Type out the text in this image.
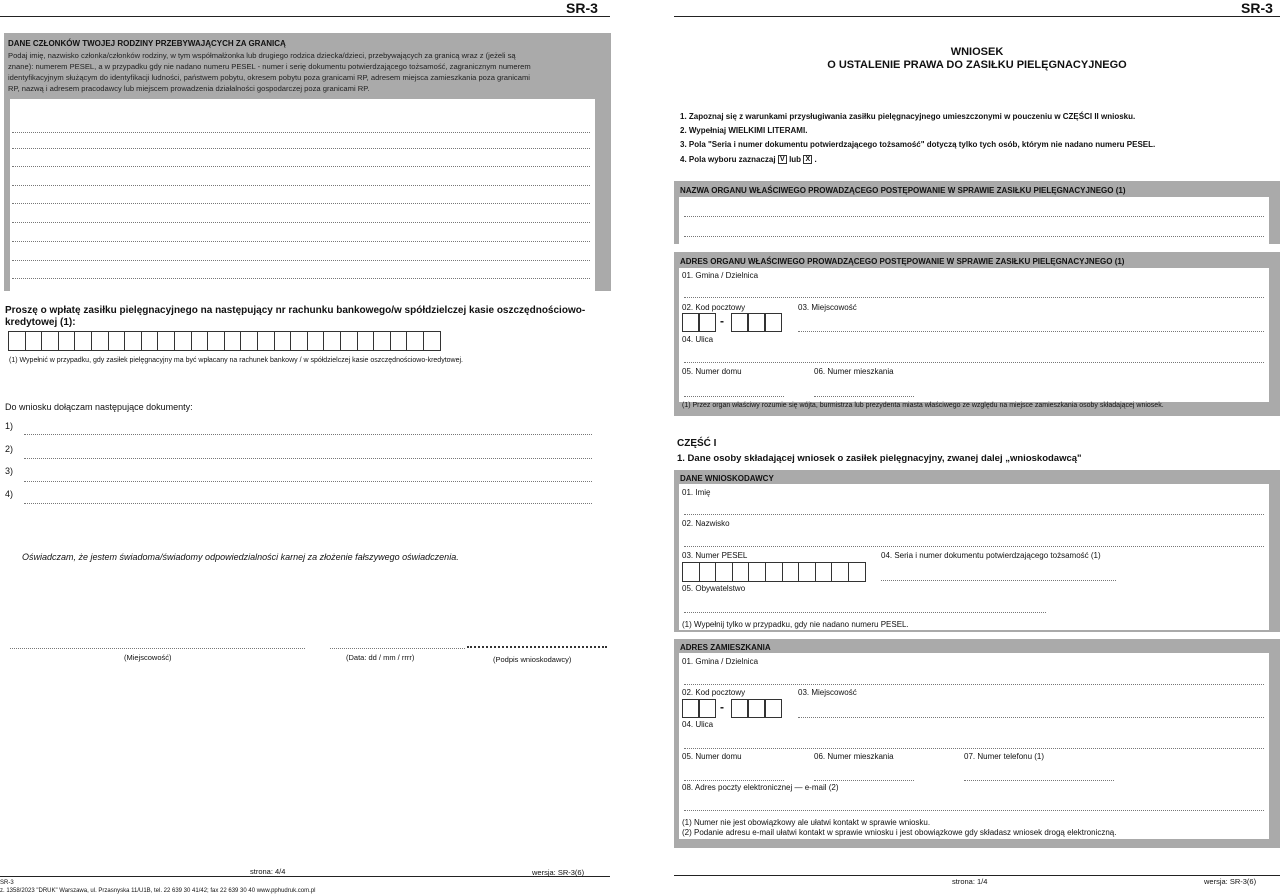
SR-3
DANE CZŁONKÓW TWOJEJ RODZINY PRZEBYWAJĄCYCH ZA GRANICĄ
Podaj imię, nazwisko członka/członków rodziny, w tym współmałżonka lub drugiego rodzica dziecka/dzieci, przebywających za granicą wraz z (jeżeli są
znane): numerem PESEL, a w przypadku gdy nie nadano numeru PESEL - numer i serię dokumentu potwierdzającego tożsamość, zagranicznym numerem
identyfikacyjnym służącym do identyfikacji ludności, państwem pobytu, okresem pobytu poza granicami RP, adresem miejsca zamieszkania poza granicami
RP, nazwą i adresem pracodawcy lub miejscem prowadzenia działalności gospodarczej poza granicami RP.
Proszę o wpłatę zasiłku pielęgnacyjnego na następujący nr rachunku bankowego/w spółdzielczej kasie oszczędnościowo-
kredytowej (1):
(1) Wypełnić w przypadku, gdy zasiłek pielęgnacyjny ma być wpłacany na rachunek bankowy / w spółdzielczej kasie oszczędnościowo-kredytowej.
Do wniosku dołączam następujące dokumenty:
1)
2)
3)
4)
Oświadczam, że jestem świadoma/świadomy odpowiedzialności karnej za złożenie fałszywego oświadczenia.
(Miejscowość)	(Data: dd / mm / rrrr)	(Podpis wnioskodawcy)
strona: 4/4	wersja: SR-3(6)
SR-3
z. 1358/2023 "DRUK" Warszawa, ul. Przasnyska 11/U1B, tel. 22 639 30 41/42; fax 22 639 30 40 www.pphudruk.com.pl
SR-3
WNIOSEK
O USTALENIE PRAWA DO ZASIŁKU PIELĘGNACYJNEGO
1. Zapoznaj się z warunkami przysługiwania zasiłku pielęgnacyjnego umieszczonymi w pouczeniu w CZĘŚCI II wniosku.
2. Wypełniaj WIELKIMI LITERAMI.
3. Pola "Seria i numer dokumentu potwierdzającego tożsamość" dotyczą tylko tych osób, którym nie nadano numeru PESEL.
4. Pola wyboru zaznaczaj V lub X .
NAZWA ORGANU WŁAŚCIWEGO PROWADZĄCEGO POSTĘPOWANIE W SPRAWIE ZASIŁKU PIELĘGNACYJNEGO (1)
ADRES ORGANU WŁAŚCIWEGO PROWADZĄCEGO POSTĘPOWANIE W SPRAWIE ZASIŁKU PIELĘGNACYJNEGO (1)
(1) Przez organ właściwy rozumie się wójta, burmistrza lub prezydenta miasta właściwego ze względu na miejsce zamieszkania osoby składającej wniosek.
01. Gmina / Dzielnica
02. Kod pocztowy	03. Miejscowość
-
04. Ulica
05. Numer domu	06. Numer mieszkania
CZĘŚĆ I
1. Dane osoby składającej wniosek o zasiłek pielęgnacyjny, zwanej dalej „wnioskodawcą"
DANE WNIOSKODAWCY
01. Imię
02. Nazwisko
03. Numer PESEL	04. Seria i numer dokumentu potwierdzającego tożsamość (1)
05. Obywatelstwo
(1) Wypełnij tylko w przypadku, gdy nie nadano numeru PESEL.
ADRES ZAMIESZKANIA
01. Gmina / Dzielnica
02. Kod pocztowy	03. Miejscowość
-
04. Ulica
05. Numer domu	06. Numer mieszkania	07. Numer telefonu (1)
08. Adres poczty elektronicznej — e-mail (2)
(1) Numer nie jest obowiązkowy ale ułatwi kontakt w sprawie wniosku.
(2) Podanie adresu e-mail ułatwi kontakt w sprawie wniosku i jest obowiązkowe gdy składasz wniosek drogą elektroniczną.
strona: 1/4	wersja: SR-3(6)
